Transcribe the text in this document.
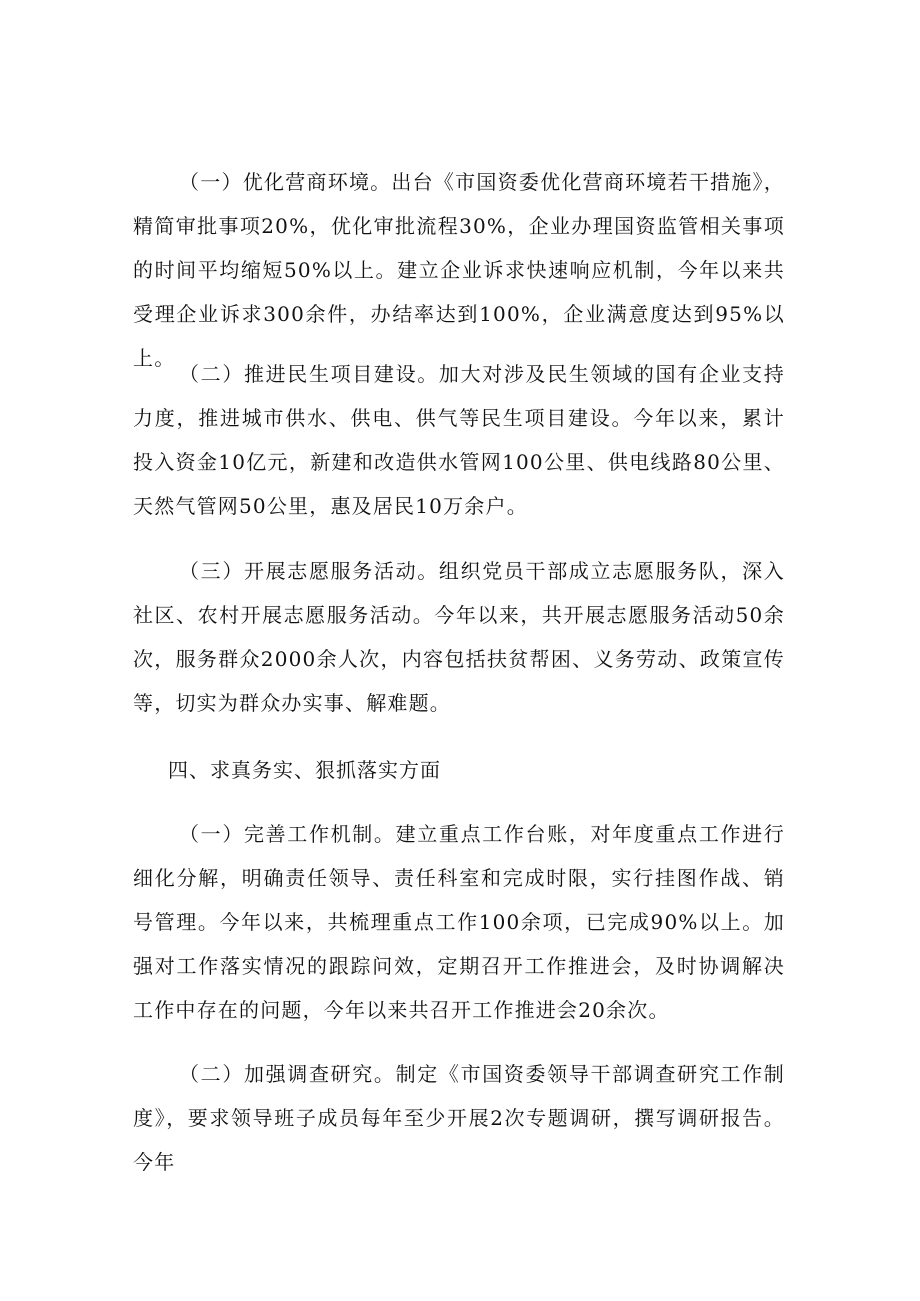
（一）优化营商环境。出台《市国资委优化营商环境若干措施》，精简审批事项20%，优化审批流程30%，企业办理国资监管相关事项的时间平均缩短50%以上。建立企业诉求快速响应机制，今年以来共受理企业诉求300余件，办结率达到100%，企业满意度达到95%以上。

（二）推进民生项目建设。加大对涉及民生领域的国有企业支持力度，推进城市供水、供电、供气等民生项目建设。今年以来，累计投入资金10亿元，新建和改造供水管网100公里、供电线路80公里、天然气管网50公里，惠及居民10万余户。

（三）开展志愿服务活动。组织党员干部成立志愿服务队，深入社区、农村开展志愿服务活动。今年以来，共开展志愿服务活动50余次，服务群众2000余人次，内容包括扶贫帮困、义务劳动、政策宣传等，切实为群众办实事、解难题。

四、求真务实、狠抓落实方面

（一）完善工作机制。建立重点工作台账，对年度重点工作进行细化分解，明确责任领导、责任科室和完成时限，实行挂图作战、销号管理。今年以来，共梳理重点工作100余项，已完成90%以上。加强对工作落实情况的跟踪问效，定期召开工作推进会，及时协调解决工作中存在的问题，今年以来共召开工作推进会20余次。

（二）加强调查研究。制定《市国资委领导干部调查研究工作制度》，要求领导班子成员每年至少开展2次专题调研，撰写调研报告。今年
